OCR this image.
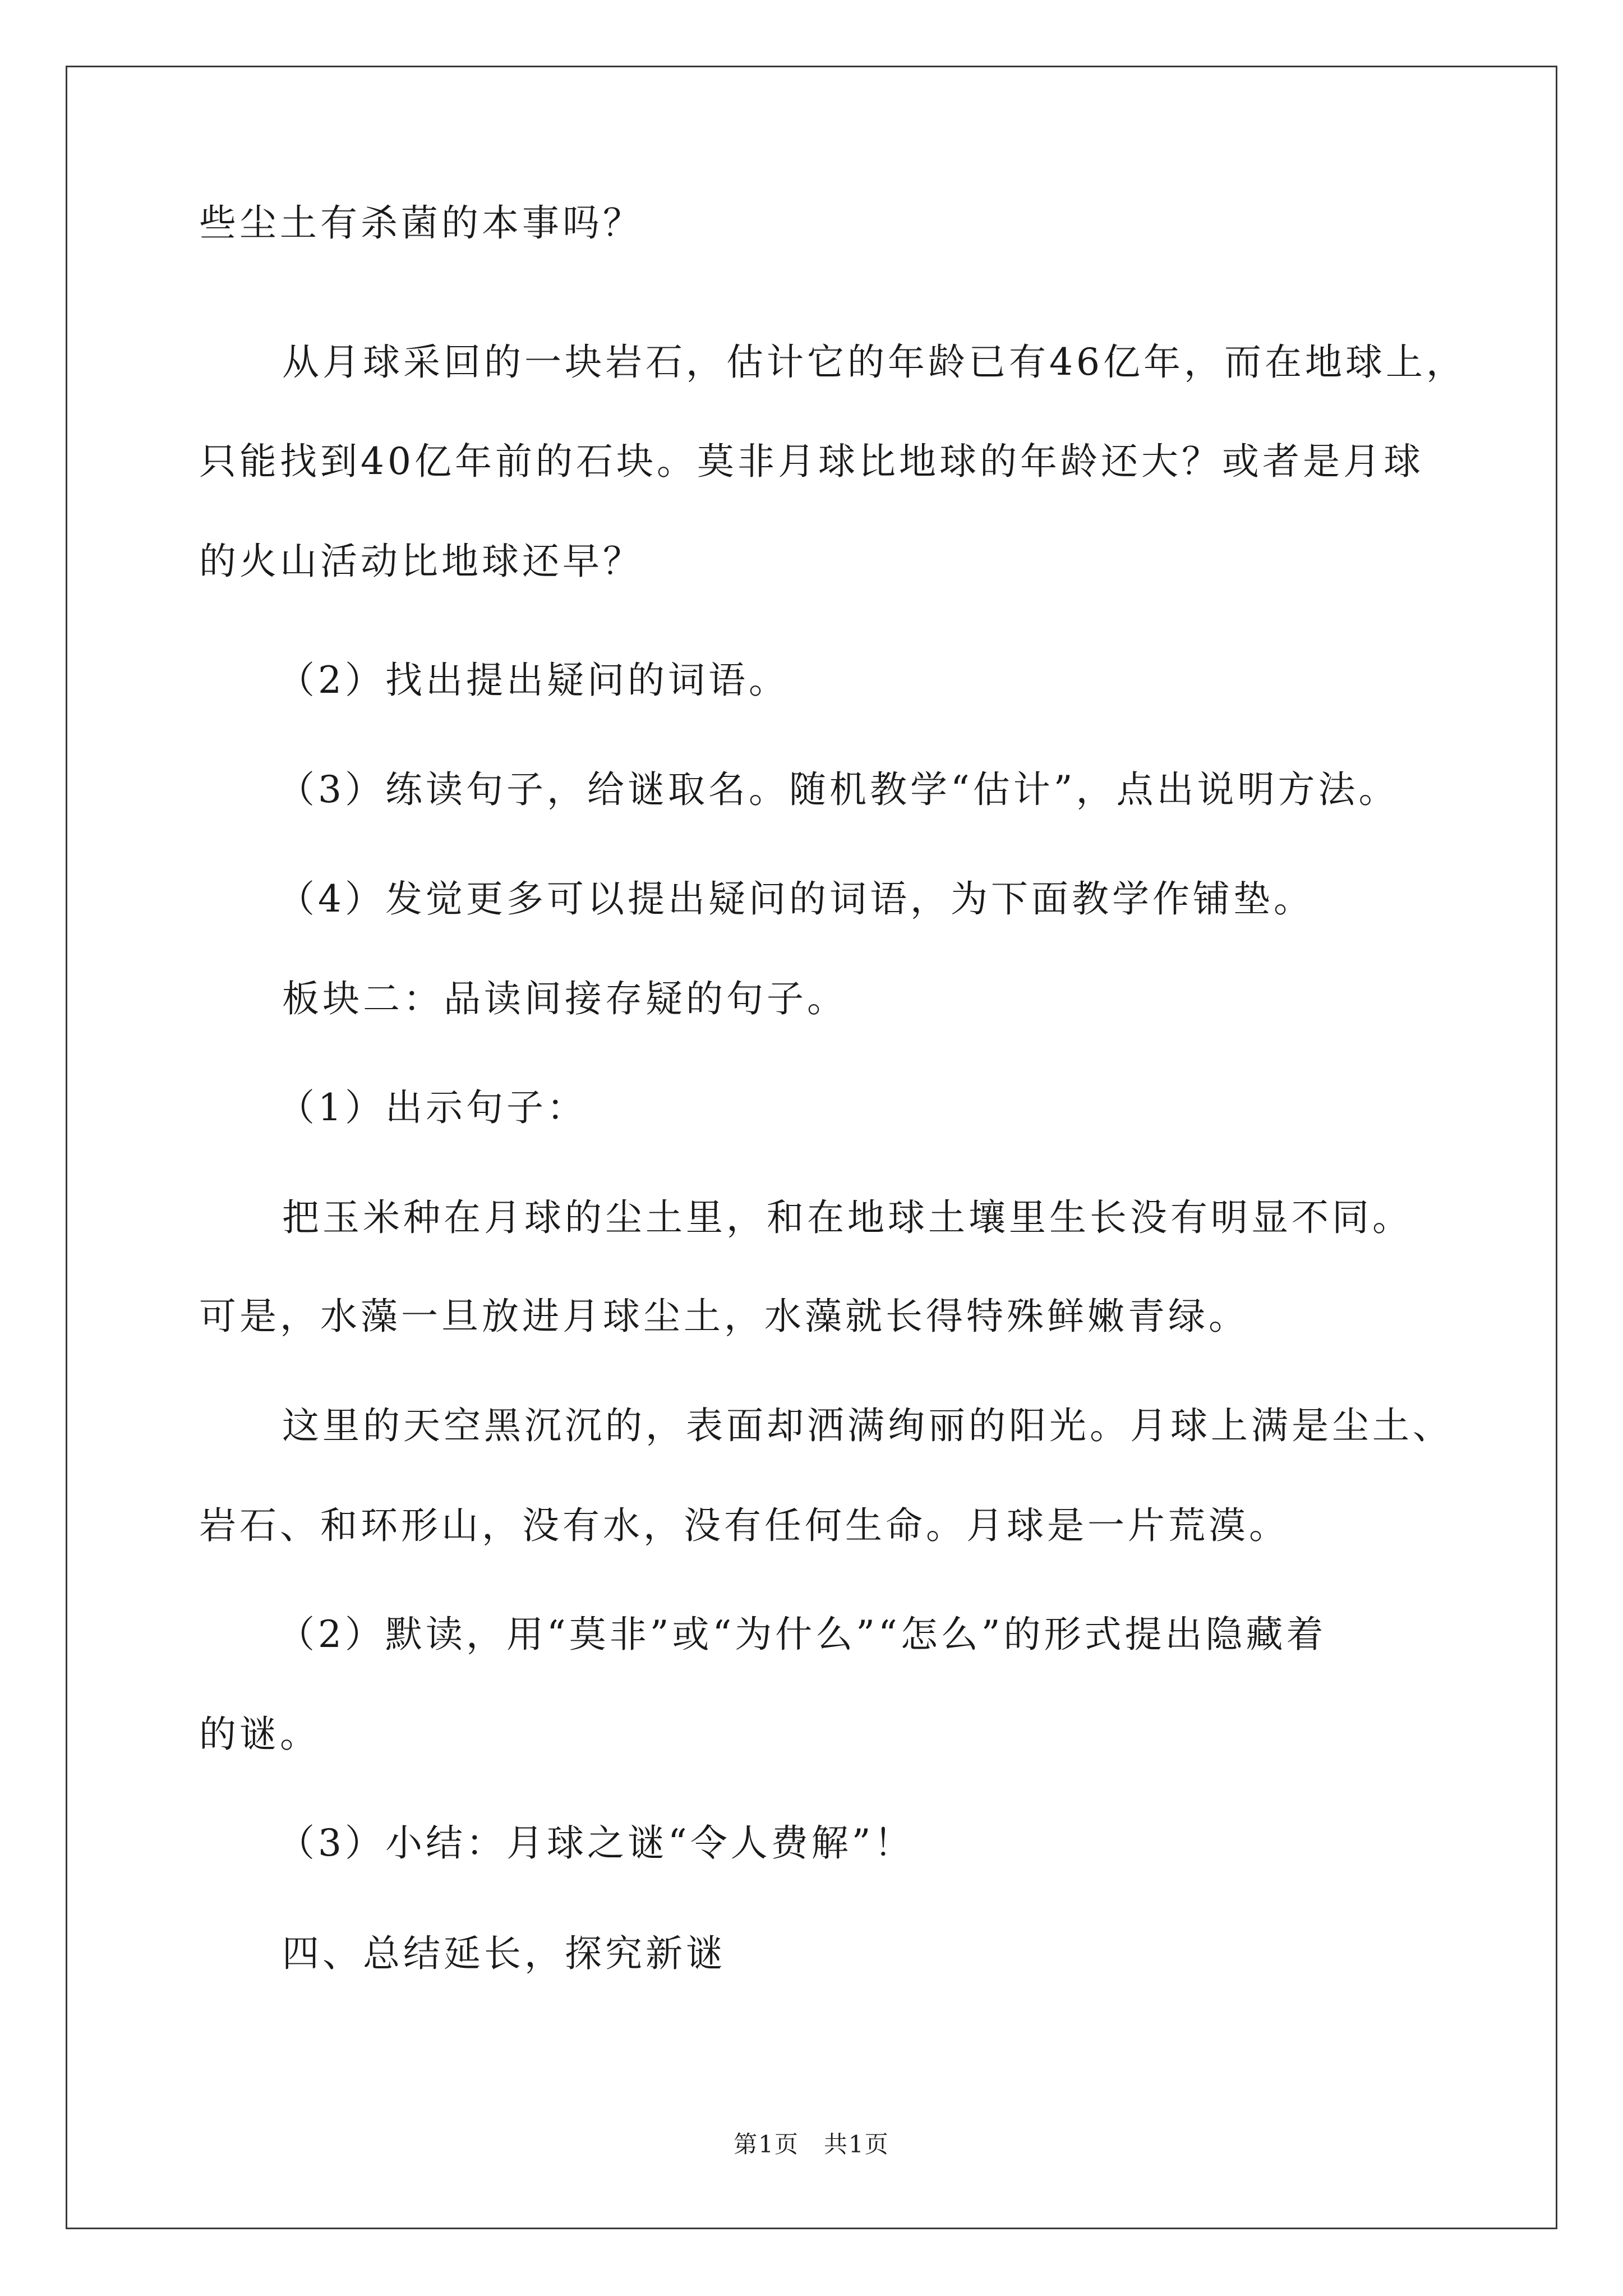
些尘土有杀菌的本事吗？
从月球采回的一块岩石，估计它的年龄已有46亿年，而在地球上，
只能找到40亿年前的石块。莫非月球比地球的年龄还大？或者是月球
的火山活动比地球还早？
（2）找出提出疑问的词语。
（3）练读句子，给谜取名。随机教学“估计”，点出说明方法。
（4）发觉更多可以提出疑问的词语，为下面教学作铺垫。
板块二：品读间接存疑的句子。
（1）出示句子：
把玉米种在月球的尘土里，和在地球土壤里生长没有明显不同。
可是，水藻一旦放进月球尘土，水藻就长得特殊鲜嫩青绿。
这里的天空黑沉沉的，表面却洒满绚丽的阳光。月球上满是尘土、
岩石、和环形山，没有水，没有任何生命。月球是一片荒漠。
（2）默读，用“莫非”或“为什么”“怎么”的形式提出隐藏着
的谜。
（3）小结：月球之谜“令人费解”！
四、总结延长，探究新谜
第1页 共1页
